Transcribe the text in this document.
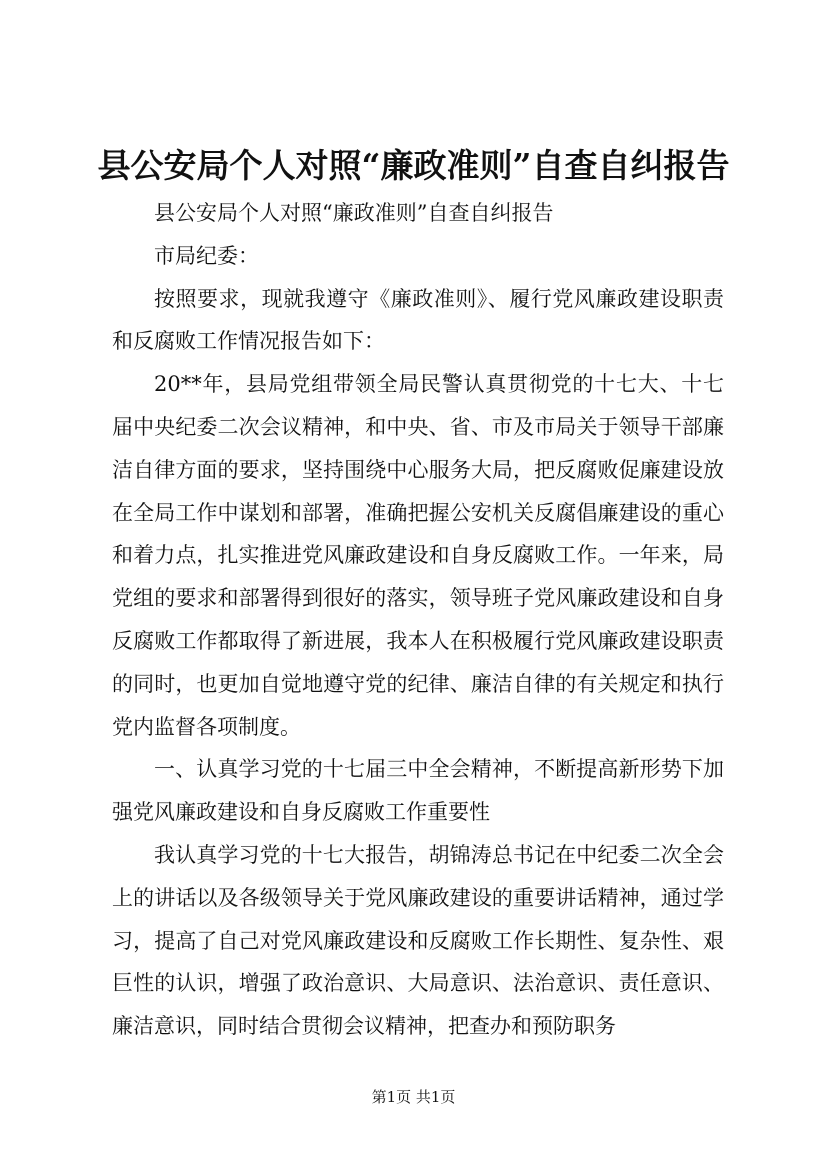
县公安局个人对照“廉政准则”自查自纠报告

县公安局个人对照“廉政准则”自查自纠报告

市局纪委：

按照要求，现就我遵守《廉政准则》、履行党风廉政建设职责和反腐败工作情况报告如下：

20**年，县局党组带领全局民警认真贯彻党的十七大、十七届中央纪委二次会议精神，和中央、省、市及市局关于领导干部廉洁自律方面的要求，坚持围绕中心服务大局，把反腐败促廉建设放在全局工作中谋划和部署，准确把握公安机关反腐倡廉建设的重心和着力点，扎实推进党风廉政建设和自身反腐败工作。一年来，局党组的要求和部署得到很好的落实，领导班子党风廉政建设和自身反腐败工作都取得了新进展，我本人在积极履行党风廉政建设职责的同时，也更加自觉地遵守党的纪律、廉洁自律的有关规定和执行党内监督各项制度。

一、认真学习党的十七届三中全会精神，不断提高新形势下加强党风廉政建设和自身反腐败工作重要性

我认真学习党的十七大报告，胡锦涛总书记在中纪委二次全会上的讲话以及各级领导关于党风廉政建设的重要讲话精神，通过学习，提高了自己对党风廉政建设和反腐败工作长期性、复杂性、艰巨性的认识，增强了政治意识、大局意识、法治意识、责任意识、廉洁意识，同时结合贯彻会议精神，把查办和预防职务

第1页 共1页
